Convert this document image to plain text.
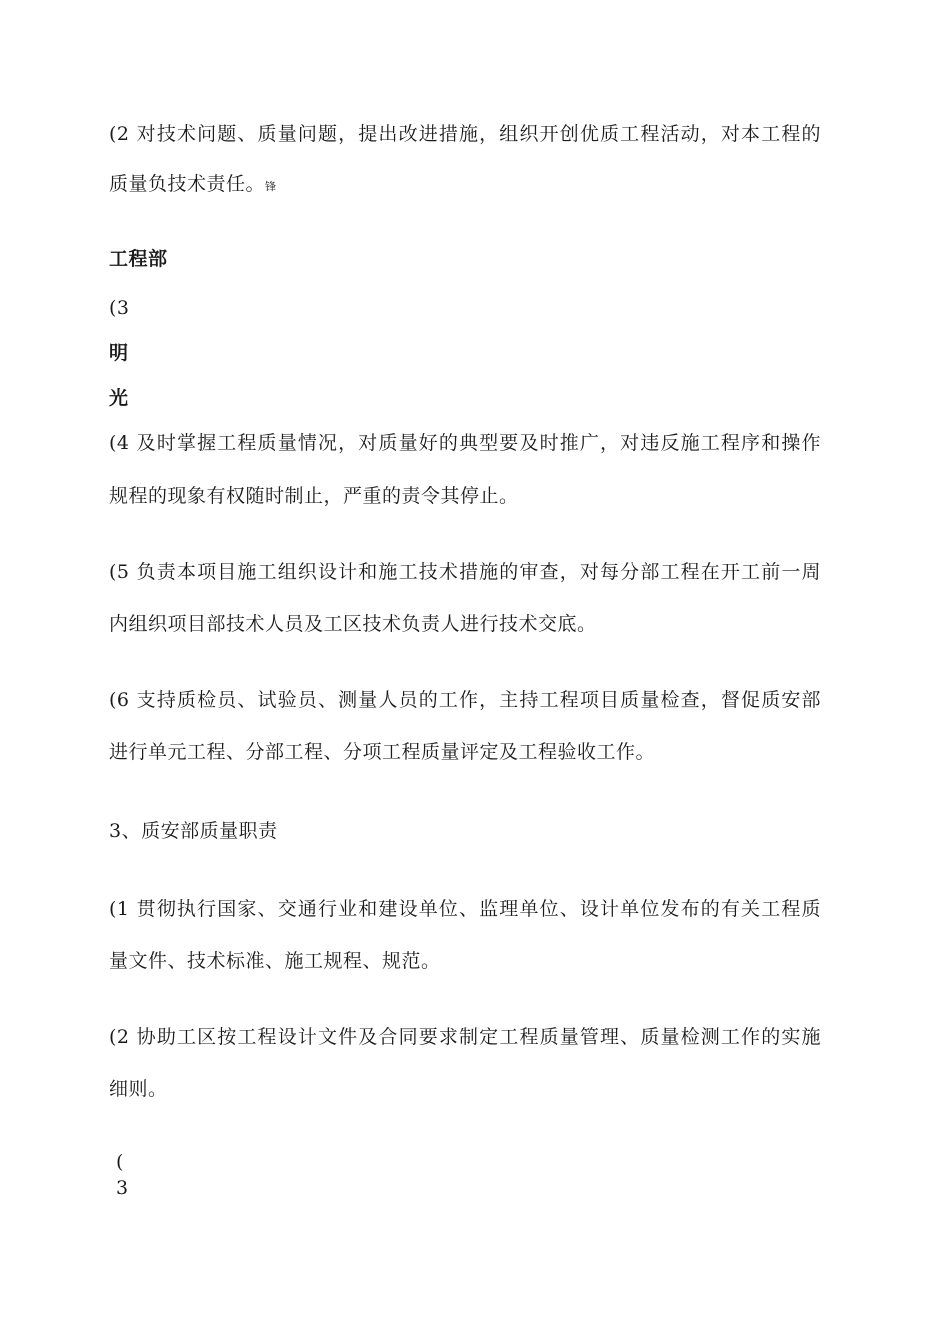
(2 对技术问题、质量问题，提出改进措施，组织开创优质工程活动，对本工程的
质量负技术责任。锋
工程部
(3
明
光
(4 及时掌握工程质量情况，对质量好的典型要及时推广，对违反施工程序和操作
规程的现象有权随时制止，严重的责令其停止。
(5 负责本项目施工组织设计和施工技术措施的审查，对每分部工程在开工前一周
内组织项目部技术人员及工区技术负责人进行技术交底。
(6 支持质检员、试验员、测量人员的工作，主持工程项目质量检查，督促质安部
进行单元工程、分部工程、分项工程质量评定及工程验收工作。
3、质安部质量职责
(1 贯彻执行国家、交通行业和建设单位、监理单位、设计单位发布的有关工程质
量文件、技术标准、施工规程、规范。
(2 协助工区按工程设计文件及合同要求制定工程质量管理、质量检测工作的实施
细则。
(
3
